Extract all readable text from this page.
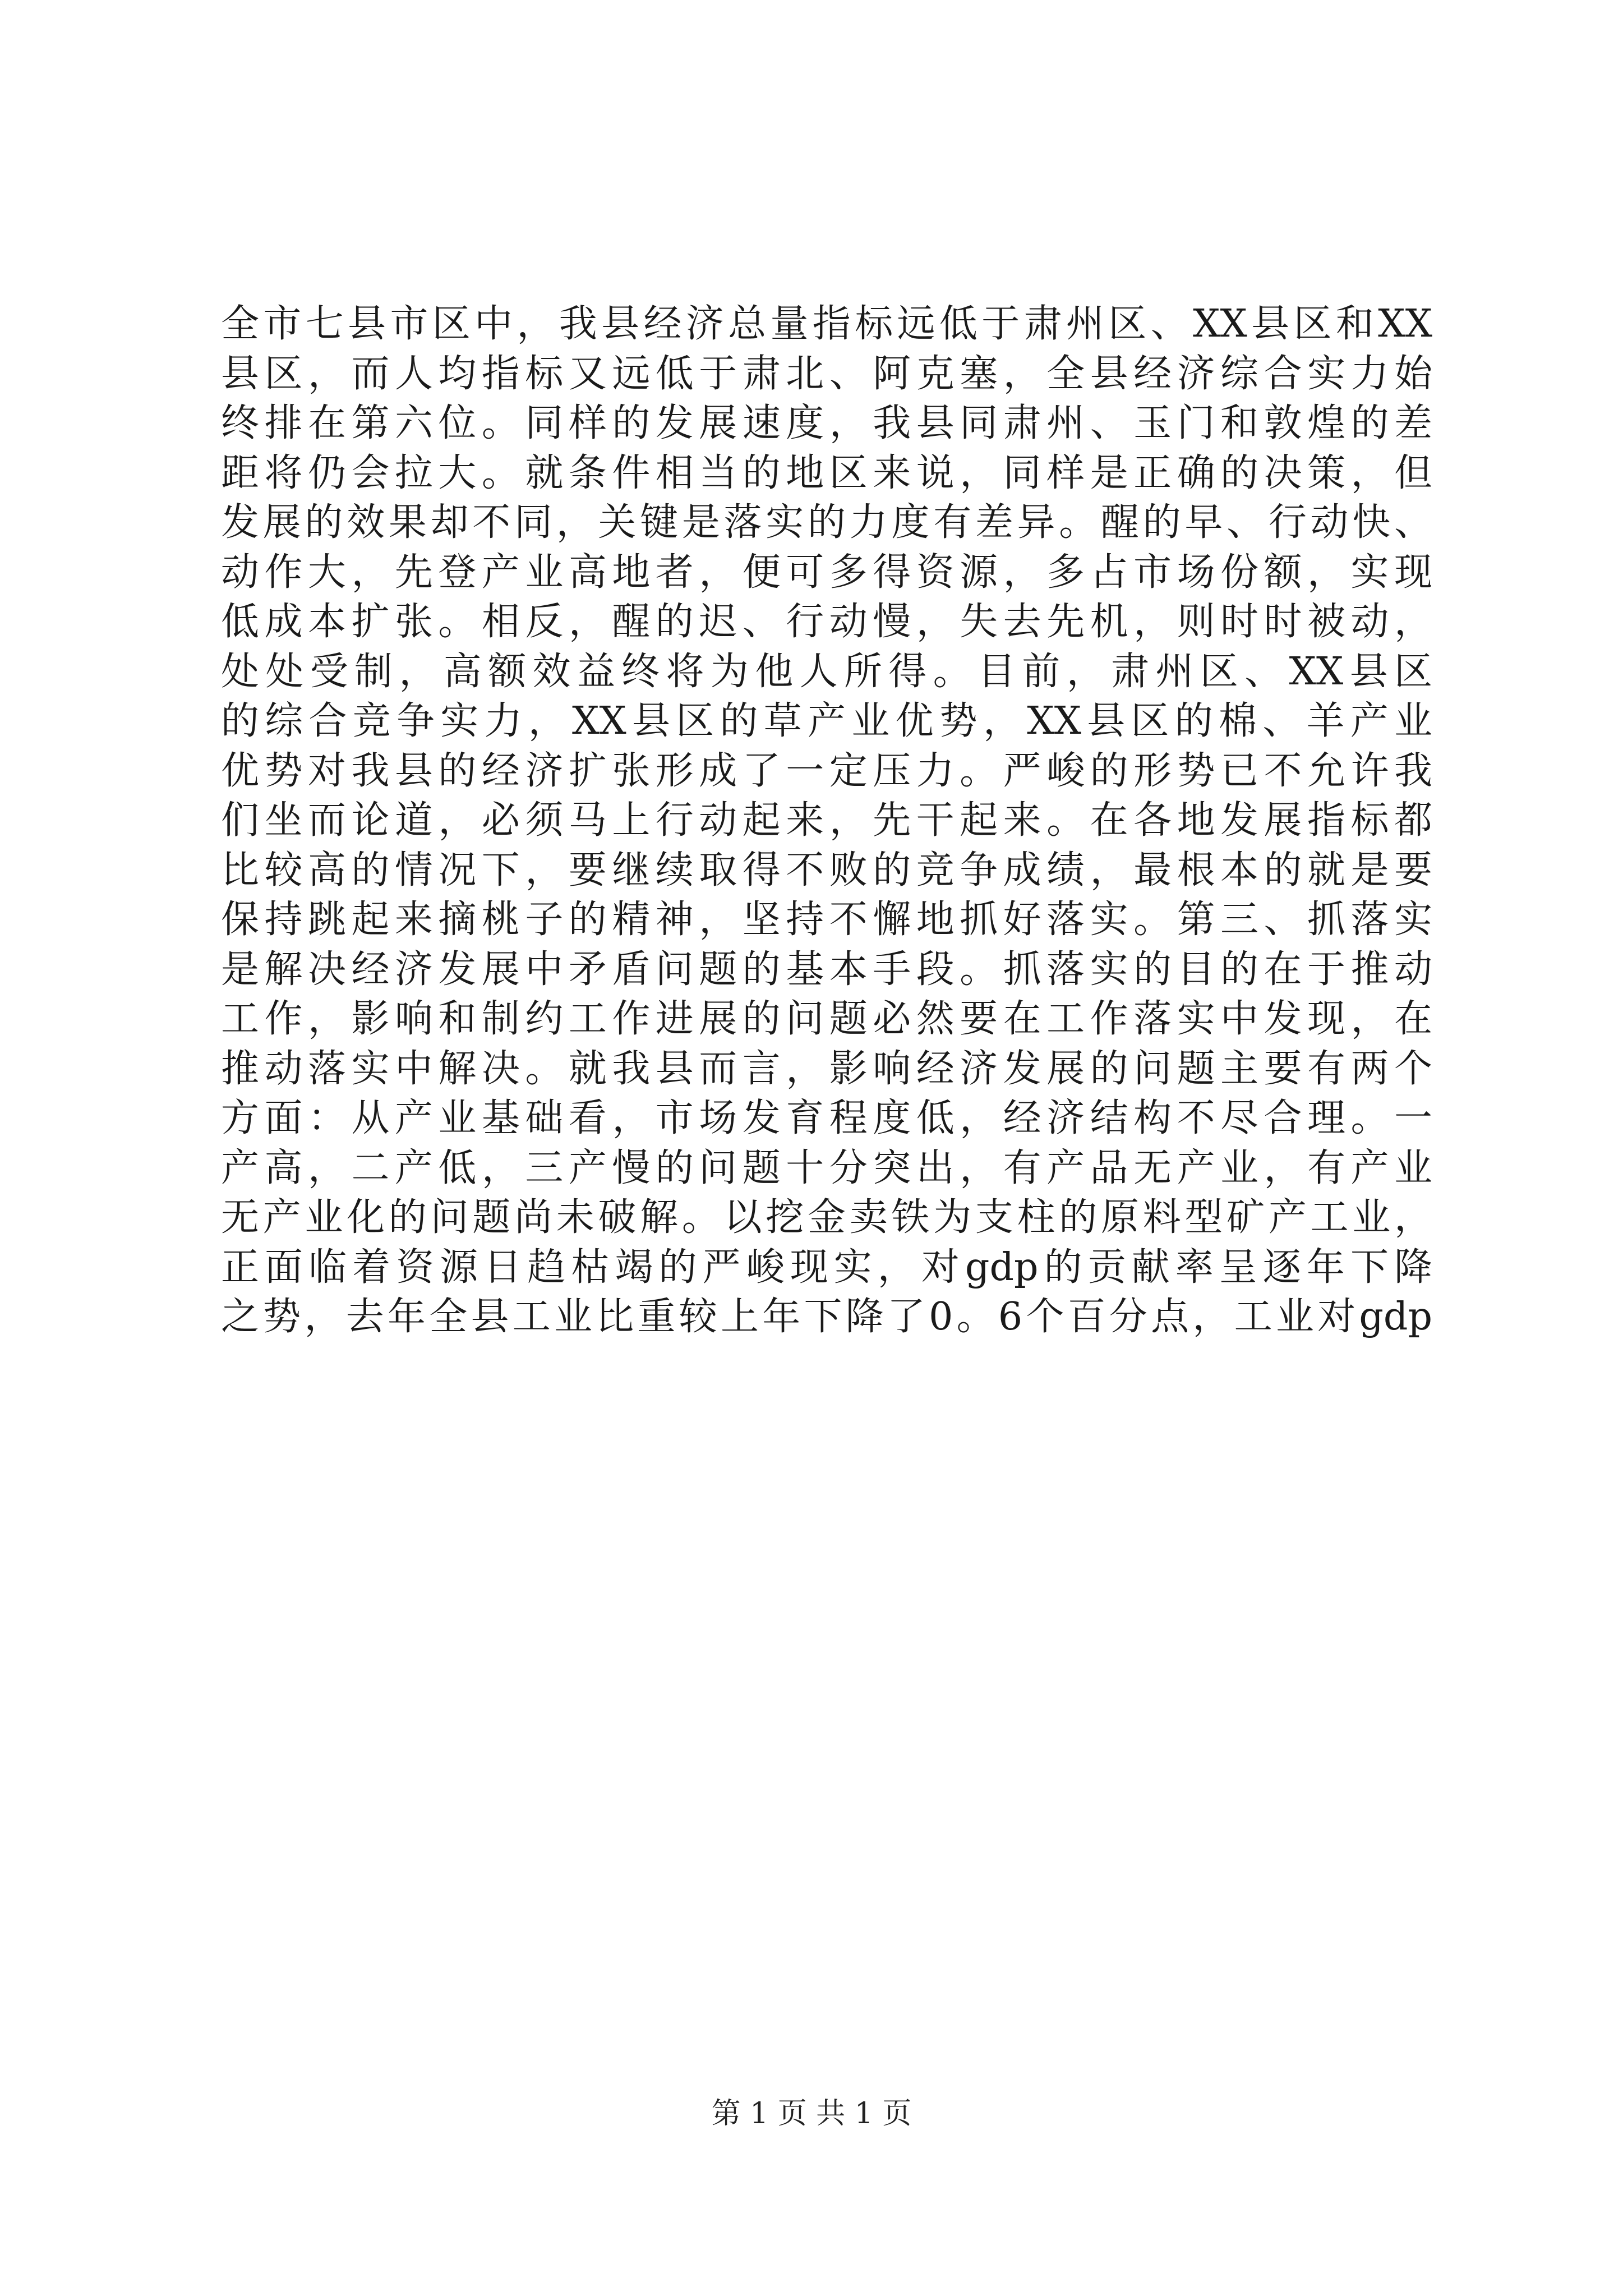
全市七县市区中，我县经济总量指标远低于肃州区、XX县区和XX
县区，而人均指标又远低于肃北、阿克塞，全县经济综合实力始
终排在第六位。同样的发展速度，我县同肃州、玉门和敦煌的差
距将仍会拉大。就条件相当的地区来说，同样是正确的决策，但
发展的效果却不同，关键是落实的力度有差异。醒的早、行动快、
动作大，先登产业高地者，便可多得资源，多占市场份额，实现
低成本扩张。相反，醒的迟、行动慢，失去先机，则时时被动，
处处受制，高额效益终将为他人所得。目前，肃州区、XX县区
的综合竞争实力，XX县区的草产业优势，XX县区的棉、羊产业
优势对我县的经济扩张形成了一定压力。严峻的形势已不允许我
们坐而论道，必须马上行动起来，先干起来。在各地发展指标都
比较高的情况下，要继续取得不败的竞争成绩，最根本的就是要
保持跳起来摘桃子的精神，坚持不懈地抓好落实。第三、抓落实
是解决经济发展中矛盾问题的基本手段。抓落实的目的在于推动
工作，影响和制约工作进展的问题必然要在工作落实中发现，在
推动落实中解决。就我县而言，影响经济发展的问题主要有两个
方面：从产业基础看，市场发育程度低，经济结构不尽合理。一
产高，二产低，三产慢的问题十分突出，有产品无产业，有产业
无产业化的问题尚未破解。以挖金卖铁为支柱的原料型矿产工业，
正面临着资源日趋枯竭的严峻现实，对gdp的贡献率呈逐年下降
之势，去年全县工业比重较上年下降了0。6个百分点，工业对gdp
第 1 页 共 1 页
